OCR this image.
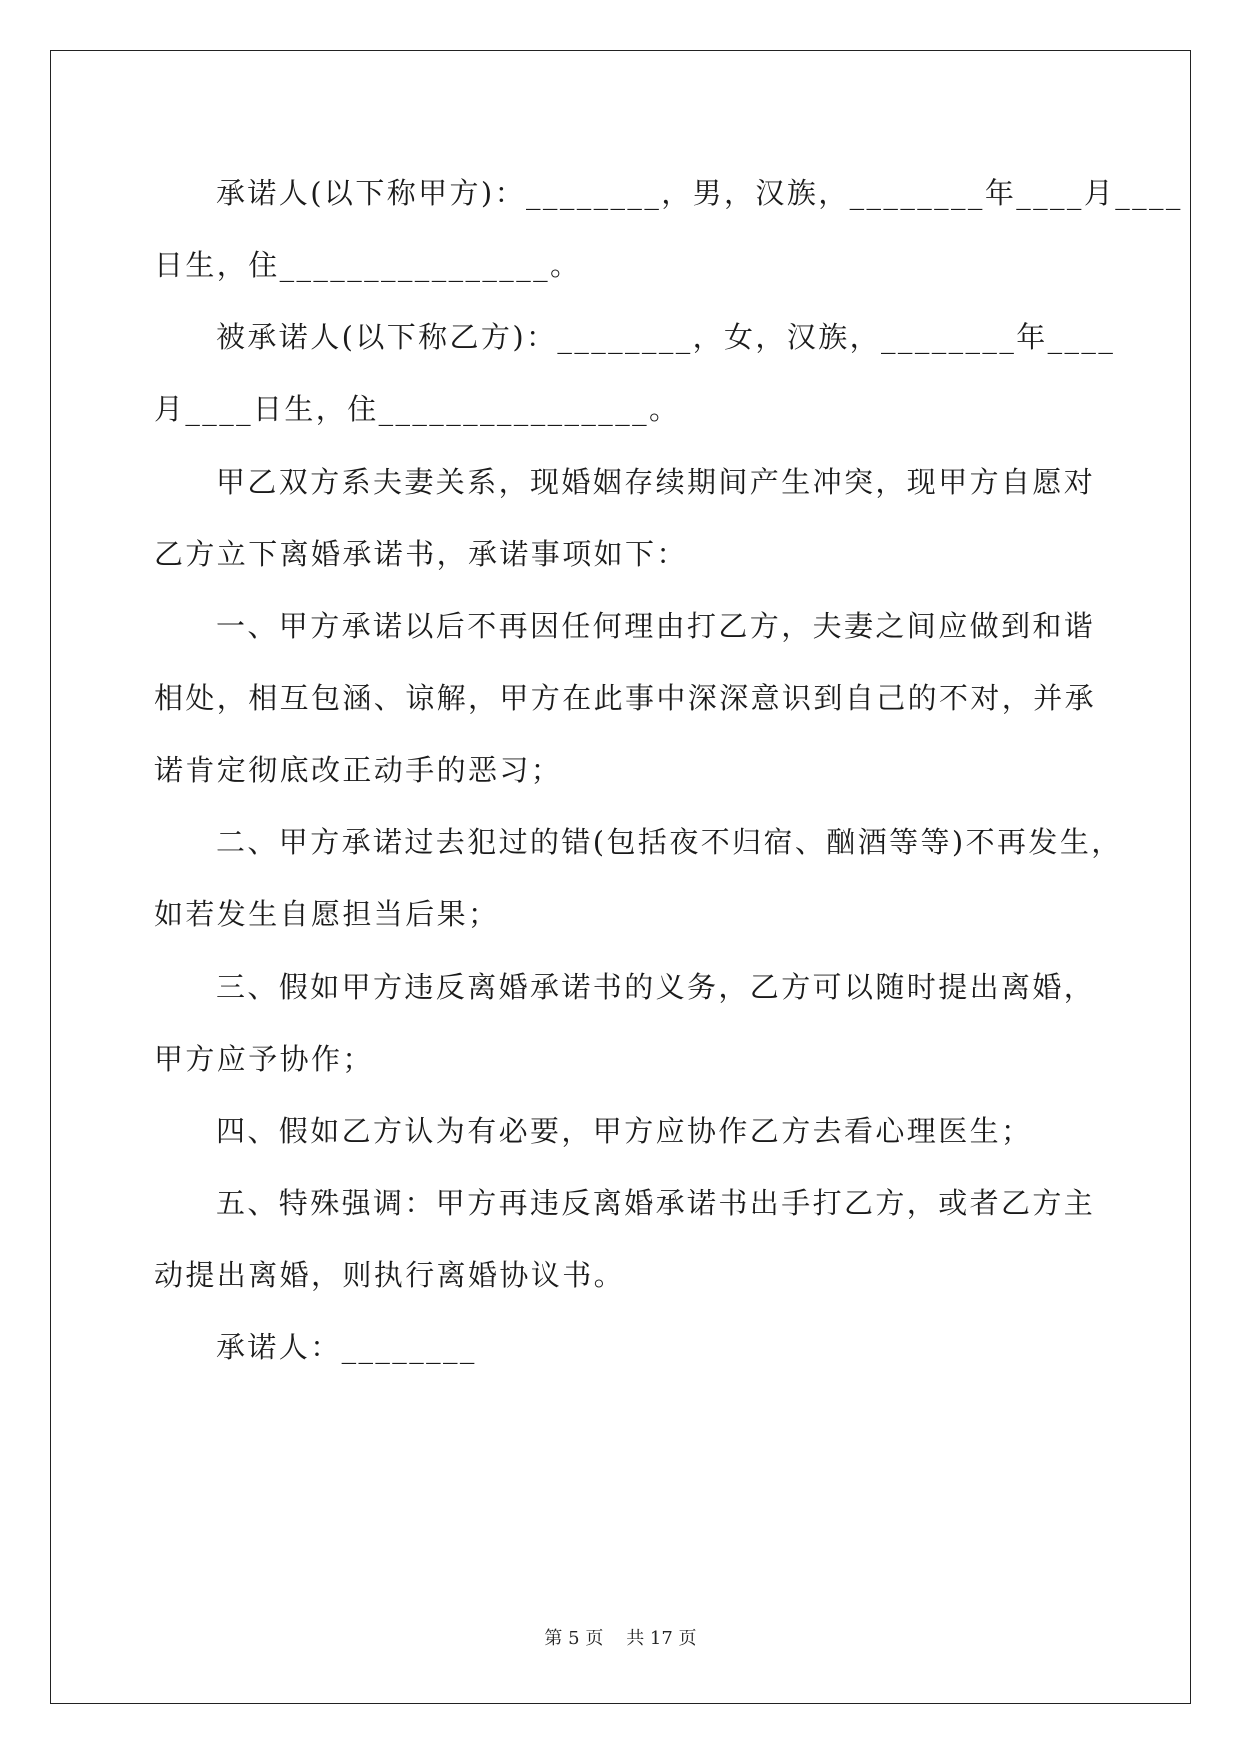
承诺人(以下称甲方)：________，男，汉族，________年____月____
日生，住________________。
被承诺人(以下称乙方)：________，女，汉族，________年____
月____日生，住________________。
甲乙双方系夫妻关系，现婚姻存续期间产生冲突，现甲方自愿对
乙方立下离婚承诺书，承诺事项如下：
一、甲方承诺以后不再因任何理由打乙方，夫妻之间应做到和谐
相处，相互包涵、谅解，甲方在此事中深深意识到自己的不对，并承
诺肯定彻底改正动手的恶习；
二、甲方承诺过去犯过的错(包括夜不归宿、酗酒等等)不再发生，
如若发生自愿担当后果；
三、假如甲方违反离婚承诺书的义务，乙方可以随时提出离婚，
甲方应予协作；
四、假如乙方认为有必要，甲方应协作乙方去看心理医生；
五、特殊强调：甲方再违反离婚承诺书出手打乙方，或者乙方主
动提出离婚，则执行离婚协议书。
承诺人：________
第 5 页    共 17 页
